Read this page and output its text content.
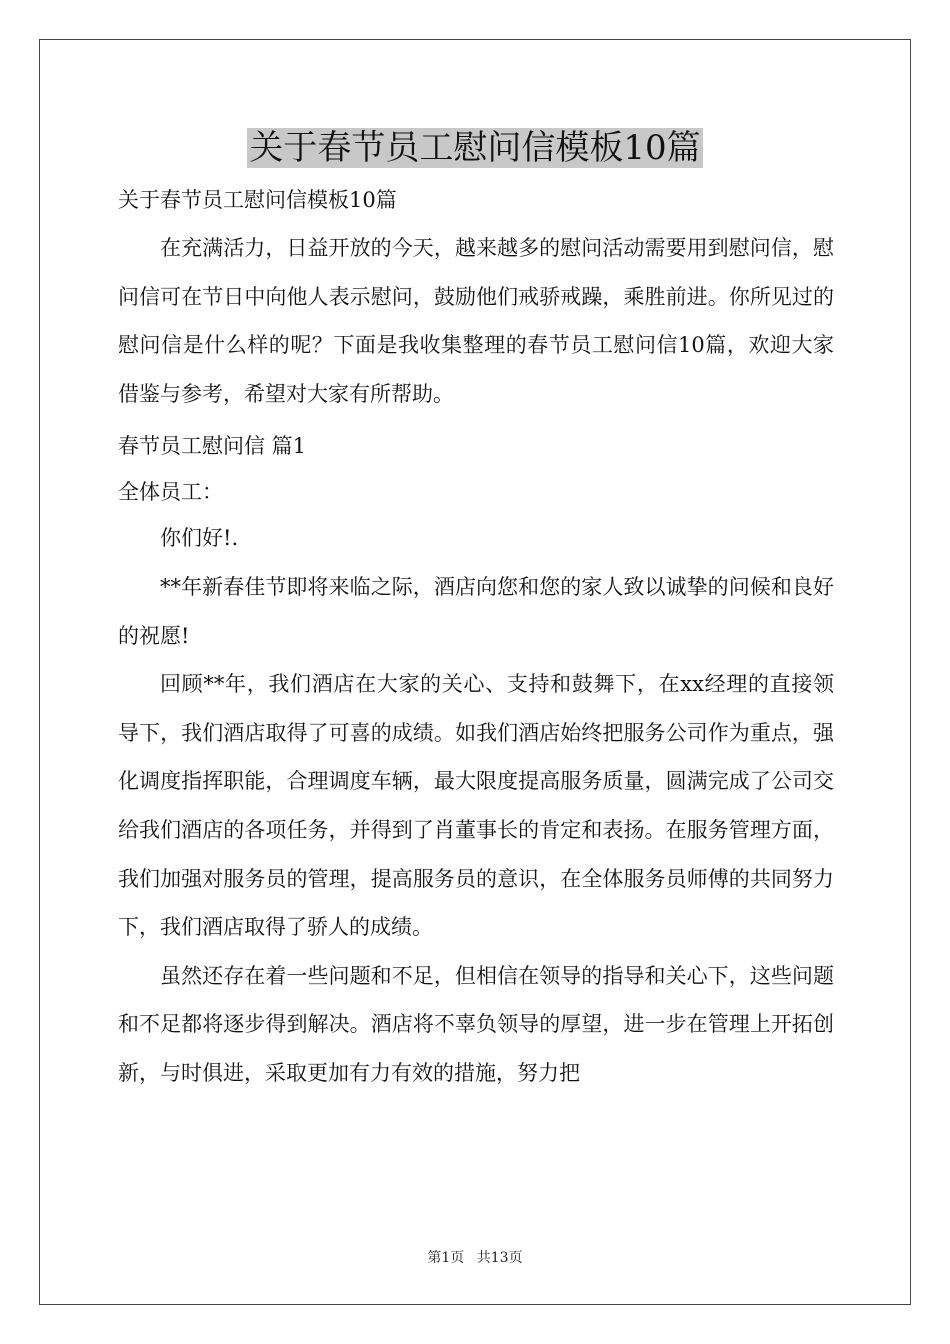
关于春节员工慰问信模板10篇

关于春节员工慰问信模板10篇

在充满活力，日益开放的今天，越来越多的慰问活动需要用到慰问信，慰问信可在节日中向他人表示慰问，鼓励他们戒骄戒躁，乘胜前进。你所见过的慰问信是什么样的呢？下面是我收集整理的春节员工慰问信10篇，欢迎大家借鉴与参考，希望对大家有所帮助。

春节员工慰问信 篇1

全体员工：

你们好!.

**年新春佳节即将来临之际，酒店向您和您的家人致以诚挚的问候和良好的祝愿!

回顾**年，我们酒店在大家的关心、支持和鼓舞下，在xx经理的直接领导下，我们酒店取得了可喜的成绩。如我们酒店始终把服务公司作为重点，强化调度指挥职能，合理调度车辆，最大限度提高服务质量，圆满完成了公司交给我们酒店的各项任务，并得到了肖董事长的肯定和表扬。在服务管理方面，我们加强对服务员的管理，提高服务员的意识，在全体服务员师傅的共同努力下，我们酒店取得了骄人的成绩。

虽然还存在着一些问题和不足，但相信在领导的指导和关心下，这些问题和不足都将逐步得到解决。酒店将不辜负领导的厚望，进一步在管理上开拓创新，与时俱进，采取更加有力有效的措施，努力把

第1页 共13页
